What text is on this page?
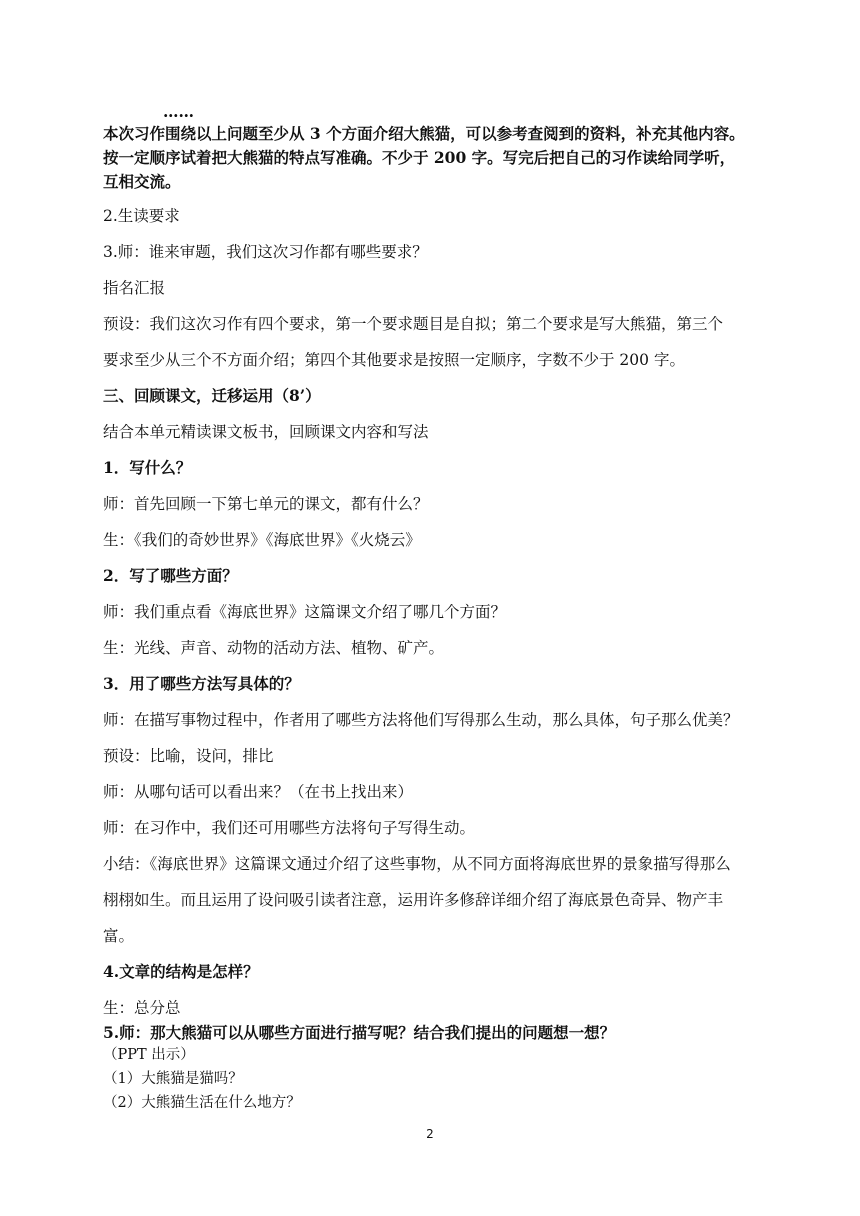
……

本次习作围绕以上问题至少从 3 个方面介绍大熊猫，可以参考查阅到的资料，补充其他内容。

按一定顺序试着把大熊猫的特点写准确。不少于 200 字。写完后把自己的习作读给同学听，

互相交流。

2.生读要求

3.师：谁来审题，我们这次习作都有哪些要求？

指名汇报

预设：我们这次习作有四个要求，第一个要求题目是自拟；第二个要求是写大熊猫，第三个

要求至少从三个不方面介绍；第四个其他要求是按照一定顺序，字数不少于 200 字。

三、回顾课文，迁移运用（8’）

结合本单元精读课文板书，回顾课文内容和写法

1．写什么？

师：首先回顾一下第七单元的课文，都有什么？

生：《我们的奇妙世界》《海底世界》《火烧云》

2．写了哪些方面？

师：我们重点看《海底世界》这篇课文介绍了哪几个方面？

生：光线、声音、动物的活动方法、植物、矿产。

3．用了哪些方法写具体的？

师：在描写事物过程中，作者用了哪些方法将他们写得那么生动，那么具体，句子那么优美？

预设：比喻，设问，排比

师：从哪句话可以看出来？（在书上找出来）

师：在习作中，我们还可用哪些方法将句子写得生动。

小结：《海底世界》这篇课文通过介绍了这些事物，从不同方面将海底世界的景象描写得那么

栩栩如生。而且运用了设问吸引读者注意，运用许多修辞详细介绍了海底景色奇异、物产丰

富。

4.文章的结构是怎样？

生：总分总

5.师：那大熊猫可以从哪些方面进行描写呢？结合我们提出的问题想一想？

（PPT 出示）

（1）大熊猫是猫吗？

（2）大熊猫生活在什么地方？

2
